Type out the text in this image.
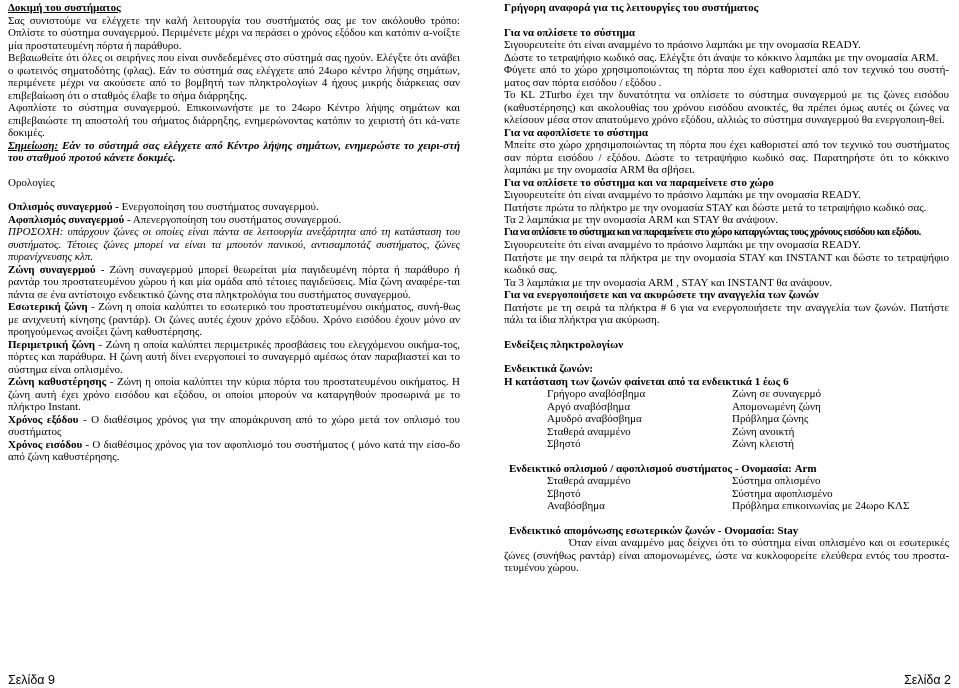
Δοκιμή του συστήματος

Σας συνιστούμε να ελέγχετε την καλή λειτουργία του συστήματός σας με τον ακόλουθο τρόπο: Οπλίστε το σύστημα συναγερμού. Περιμένετε μέχρι να περάσει ο χρόνος εξόδου και κατόπιν α-νοίξτε μία προστατευμένη πόρτα ή παράθυρο.

Βεβαιωθείτε ότι όλες οι σειρήνες που είναι συνδεδεμένες στο σύστημά σας ηχούν. Ελέγξτε ότι ανάβει ο φωτεινός σηματοδότης (φλας). Εάν το σύστημά σας ελέγχετε από 24ωρο κέντρο λήψης σημάτων, περιμένετε μέχρι να ακούσετε από το βομβητή των πληκτρολογίων 4 ήχους μικρής διάρκειας σαν επιβεβαίωση ότι ο σταθμός έλαβε το σήμα διάρρηξης.

Αφοπλίστε το σύστημα συναγερμού. Επικοινωνήστε με το 24ωρο Κέντρο λήψης σημάτων και επιβεβαιώστε τη αποστολή του σήματος διάρρηξης, ενημερώνοντας κατόπιν το χειριστή ότι κά-νατε δοκιμές.

Σημείωση: Εάν το σύστημά σας ελέγχετε από Κέντρο λήψης σημάτων, ενημερώστε το χειρι-στή του σταθμού προτού κάνετε δοκιμές.

Ορολογίες

Οπλισμός συναγερμού - Ενεργοποίηση του συστήματος συναγερμού.

Αφοπλισμός συναγερμού - Απενεργοποίηση του συστήματος συναγερμού.

ΠΡΟΣΟΧΗ: υπάρχουν ζώνες οι οποίες είναι πάντα σε λειτουργία ανεξάρτητα από τη κατάσταση του συστήματος. Τέτοιες ζώνες μπορεί να είναι τα μπουτόν πανικού, αντισαμποτάζ συστήματος, ζώνες πυρανίχνευσης κλπ.

Ζώνη συναγερμού - Ζώνη συναγερμού μπορεί θεωρείται μία παγιδευμένη πόρτα ή παράθυρο ή ραντάρ του προστατευμένου χώρου ή και μία ομάδα από τέτοιες παγιδεύσεις. Μία ζώνη αναφέρε-ται πάντα σε ένα αντίστοιχο ενδεικτικό ζώνης στα πληκτρολόγια του συστήματος συναγερμού.

Εσωτερική ζώνη - Ζώνη η οποία καλύπτει το εσωτερικό του προστατευμένου οικήματος, συνή-θως με ανιχνευτή κίνησης (ραντάρ). Οι ζώνες αυτές έχουν χρόνο εξόδου. Χρόνο εισόδου έχουν μόνο αν προηγούμενως ανοίξει ζώνη καθυστέρησης.

Περιμετρική ζώνη - Ζώνη η οποία καλύπτει περιμετρικές προσβάσεις του ελεγχόμενου οικήμα-τος, πόρτες και παράθυρα. Η ζώνη αυτή δίνει ενεργοποιεί το συναγερμό αμέσως όταν παραβιαστεί και το σύστημα είναι οπλισμένο.

Ζώνη καθυστέρησης - Ζώνη η οποία καλύπτει την κύρια πόρτα του προστατευμένου οικήματος. Η ζώνη αυτή έχει χρόνο εισόδου και εξόδου, οι οποίοι μπορούν να καταργηθούν προσωρινά με το πλήκτρο Instant.

Χρόνος εξόδου - Ο διαθέσιμος χρόνος για την απομάκρυνση από το χώρο μετά τον οπλισμό του συστήματος

Χρόνος εισόδου - Ο διαθέσιμος χρόνος για τον αφοπλισμό του συστήματος ( μόνο κατά την είσο-δο από ζώνη καθυστέρησης.

Γρήγορη αναφορά για τις λειτουργίες του συστήματος

Για να οπλίσετε το σύστημα

Σιγουρευτείτε ότι είναι αναμμένο το πράσινο λαμπάκι με την ονομασία READY.

Δώστε το τετραψήφιο κωδικό σας. Ελέγξτε ότι άναψε το κόκκινο λαμπάκι με την ονομασία ARM.

Φύγετε από το χώρο χρησιμοποιώντας τη πόρτα που έχει καθοριστεί από τον τεχνικό του συστή-ματος σαν πόρτα εισόδου / εξόδου .

Το KL 2Turbo έχει την δυνατότητα να οπλίσετε το σύστημα συναγερμού με τις ζώνες εισόδου (καθυστέρησης) και ακολουθίας του χρόνου εισόδου ανοικτές, θα πρέπει όμως αυτές οι ζώνες να κλείσουν μέσα στον απατούμενο χρόνο εξόδου, αλλιώς το σύστημα συναγερμού θα ενεργοποιη-θεί.

Για να αφοπλίσετε το σύστημα

Μπείτε στο χώρο χρησιμοποιώντας τη πόρτα που έχει καθοριστεί από τον τεχνικό του συστήματος σαν πόρτα εισόδου / εξόδου. Δώστε το τετραψήφιο κωδικό σας. Παρατηρήστε ότι το κόκκινο λαμπάκι με την ονομασία ARM θα σβήσει.

Για να οπλίσετε το σύστημα και να παραμείνετε στο χώρο

Σιγουρευτείτε ότι είναι αναμμένο το πράσινο λαμπάκι με την ονομασία READY.

Πατήστε πρώτα το πλήκτρο με την ονομασία STAY και δώστε μετά το τετραψήφιο κωδικό σας.

Τα 2 λαμπάκια με την ονομασία ARM και STAY θα ανάψουν.

Για να οπλίσετε το σύστημα και να παραμείνετε στο χώρο καταργώντας τους χρόνους εισόδου και εξόδου.

Σιγουρευτείτε ότι είναι αναμμένο το πράσινο λαμπάκι με την ονομασία READY.

Πατήστε με την σειρά τα πλήκτρα με την ονομασία STAY και INSTANT και δώστε το τετραψήφιο κωδικό σας.

Τα 3 λαμπάκια με την ονομασία ARM , STAY και INSTANT θα ανάψουν.

Για να ενεργοποιήσετε και να ακυρώσετε την αναγγελία των ζωνών

Πατήστε με τη σειρά τα πλήκτρα # 6 για να ενεργοποιήσετε την αναγγελία των ζωνών. Πατήστε πάλι τα ίδια πλήκτρα για ακύρωση.

Ενδείξεις πληκτρολογίων

Ενδεικτικά ζωνών:

Η κατάσταση των ζωνών φαίνεται από τα ενδεικτικά 1 έως 6

Γρήγορο αναβόσβημα	Ζώνη σε συναγερμό
Αργό αναβόσβημα	Απομονωμένη ζώνη
Αμυδρό αναβόσβημα	Πρόβλημα ζώνης
Σταθερά αναμμένο	Ζώνη ανοικτή
Σβηστό	Ζώνη κλειστή

Ενδεικτικό οπλισμού / αφοπλισμού συστήματος - Ονομασία: Arm

Σταθερά αναμμένο	Σύστημα οπλισμένο
Σβηστό	Σύστημα αφοπλισμένο
Αναβόσβημα	Πρόβλημα επικοινωνίας με 24ωρο ΚΛΣ

Ενδεικτικό απομόνωσης εσωτερικών ζωνών - Ονομασία: Stay

Όταν είναι αναμμένο μας δείχνει ότι το σύστημα είναι οπλισμένο και οι εσωτερικές ζώνες (συνήθως ραντάρ) είναι απομονωμένες, ώστε να κυκλοφορείτε ελεύθερα εντός του προστα-τευμένου χώρου.

Σελίδα 9	Σελίδα 2
